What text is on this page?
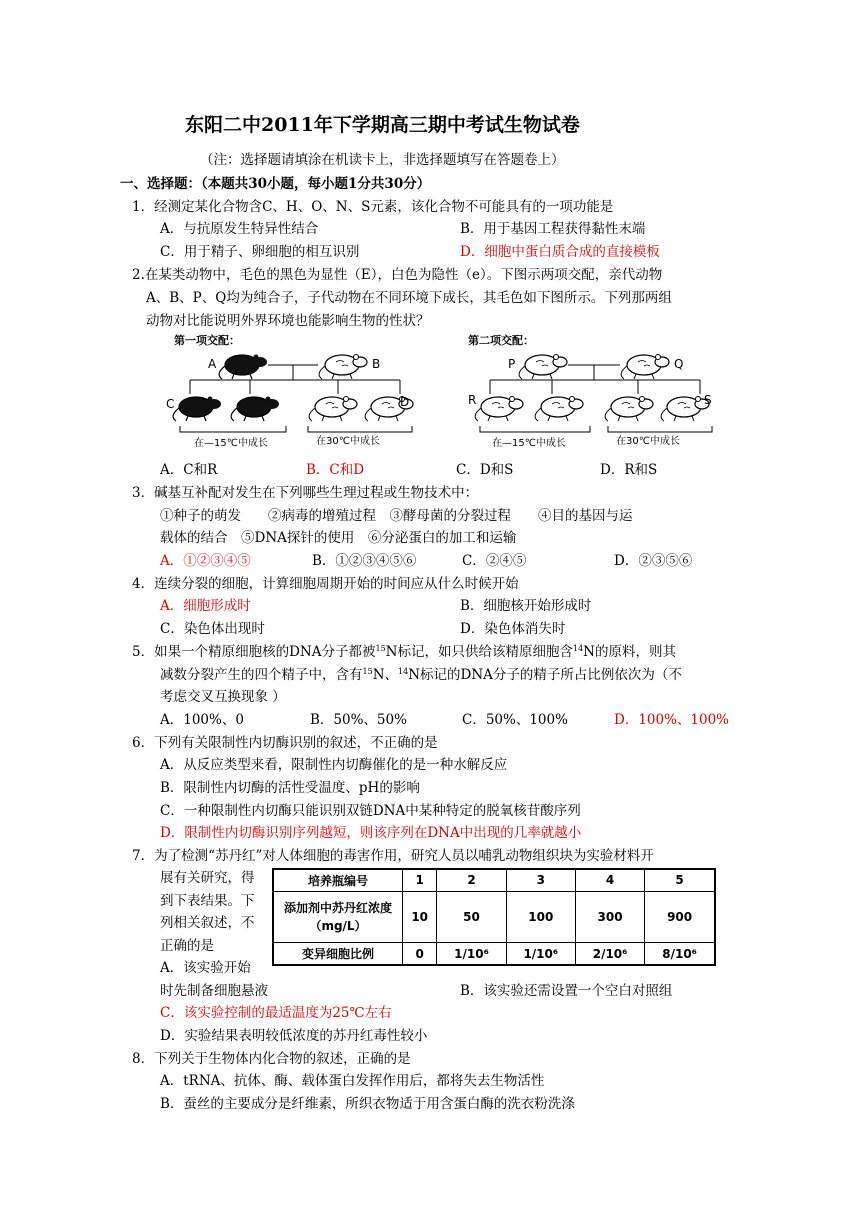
东阳二中2011年下学期高三期中考试生物试卷
（注：选择题请填涂在机读卡上，非选择题填写在答题卷上）
一、选择题：（本题共30小题，每小题1分共30分）
1．经测定某化合物含C、H、O、N、S元素，该化合物不可能具有的一项功能是
A．与抗原发生特异性结合	B．用于基因工程获得黏性末端
C．用于精子、卵细胞的相互识别	D．细胞中蛋白质合成的直接模板
2.在某类动物中，毛色的黑色为显性（E），白色为隐性（e）。下图示两项交配，亲代动物
A、B、P、Q均为纯合子，子代动物在不同环境下成长，其毛色如下图所示。下列那两组
动物对比能说明外界环境也能影响生物的性状？
第一项交配：
A	B
C	D
在—15℃中成长	在30℃中成长
第二项交配：
P	Q
R	S
在—15℃中成长	在30℃中成长
A．C和R	B．C和D	C．D和S	D．R和S
3．碱基互补配对发生在下列哪些生理过程或生物技术中：
①种子的萌发　　②病毒的增殖过程　③酵母菌的分裂过程　　④目的基因与运
载体的结合　⑤DNA探针的使用　⑥分泌蛋白的加工和运输
A．①②③④⑤	B．①②③④⑤⑥	C．②④⑤	D．②③⑤⑥
4．连续分裂的细胞，计算细胞周期开始的时间应从什么时候开始
A．细胞形成时	B．细胞核开始形成时
C．染色体出现时	D．染色体消失时
5．如果一个精原细胞核的DNA分子都被$^{15}$N标记，如只供给该精原细胞含$^{14}$N的原料，则其
减数分裂产生的四个精子中，含有$^{15}$N、$^{14}$N标记的DNA分子的精子所占比例依次为（不
考虑交叉互换现象 ）
A．100%、0	B．50%、50%	C．50%、100%	D．100%、100%
6．下列有关限制性内切酶识别的叙述，不正确的是
A．从反应类型来看，限制性内切酶催化的是一种水解反应
B．限制性内切酶的活性受温度、pH的影响
C．一种限制性内切酶只能识别双链DNA中某种特定的脱氧核苷酸序列
D．限制性内切酶识别序列越短，则该序列在DNA中出现的几率就越小
7．为了检测“苏丹红”对人体细胞的毒害作用，研究人员以哺乳动物组织块为实验材料开
展有关研究，得
到下表结果。下
列相关叙述，不
正确的是
A．该实验开始
时先制备细胞悬液	B．该实验还需设置一个空白对照组
C．该实验控制的最适温度为25℃左右
D．实验结果表明较低浓度的苏丹红毒性较小
培养瓶编号	1	2	3	4	5
添加剂中苏丹红浓度（mg/L）	10	50	100	300	900
变异细胞比例	0	1/10⁶	1/10⁶	2/10⁶	8/10⁶
8．下列关于生物体内化合物的叙述，正确的是
A．tRNA、抗体、酶、载体蛋白发挥作用后，都将失去生物活性
B．蚕丝的主要成分是纤维素，所织衣物适于用含蛋白酶的洗衣粉洗涤
